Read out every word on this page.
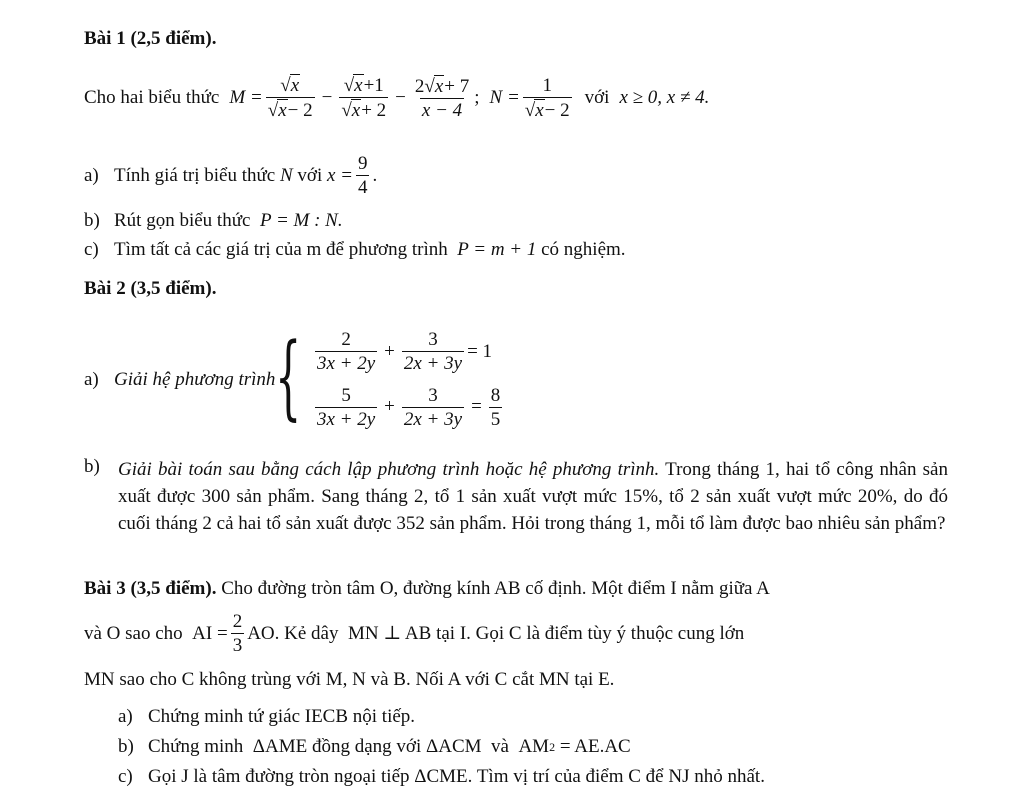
Bài 1 (2,5 điểm).
Cho hai biểu thức $M = \frac{√x}{√x- 2} - \frac{√x+1}{√x+ 2} - \frac{2√x+ 7}{x - 4}$ ; $N = \frac{1}{√x- 2}$ với x ≥ 0, x ≠ 4.
a) Tính giá trị biểu thức
N
với
$x = \frac{9}{4}$ .
b) Rút gọn biểu thức
P = M : N.
c) Tìm tất cả các giá trị của m để phương trình
P = m + 1
có nghiệm.
Bài 2 (3,5 điểm).
a) Giải hệ phương trình { $\frac{2}{3x + 2y} + \frac{3}{2x + 3y} = 1$
$\frac{5}{3x + 2y} + \frac{3}{2x + 3y} = \frac{8}{5}$
b) Giải bài toán sau bằng cách lập phương trình hoặc hệ phương trình. Trong tháng 1, hai tổ công nhân sản xuất được 300 sản phẩm. Sang tháng 2, tổ 1 sản xuất vượt mức 15%, tổ 2 sản xuất vượt mức 20%, do đó cuối tháng 2 cả hai tổ sản xuất được 352 sản phẩm. Hỏi trong tháng 1, mỗi tổ làm được bao nhiêu sản phẩm?
Bài 3 (3,5 điểm). Cho đường tròn tâm O, đường kính AB cố định. Một điểm I nằm giữa A
và O sao cho
AI = $\frac{2}{3}$ AO.
Kẻ dây
MN ⊥ AB
tại I. Gọi C là điểm tùy ý thuộc cung lớn
MN sao cho C không trùng với M, N và B. Nối A với C cắt MN tại E.
a) Chứng minh tứ giác IECB nội tiếp.
b) Chứng minh
ΔAME
đồng dạng với
ΔACM
và
AM 2
= AE.AC
c) Gọi J là tâm đường tròn ngoại tiếp
ΔCME . Tìm vị trí của điểm C để NJ nhỏ nhất.
